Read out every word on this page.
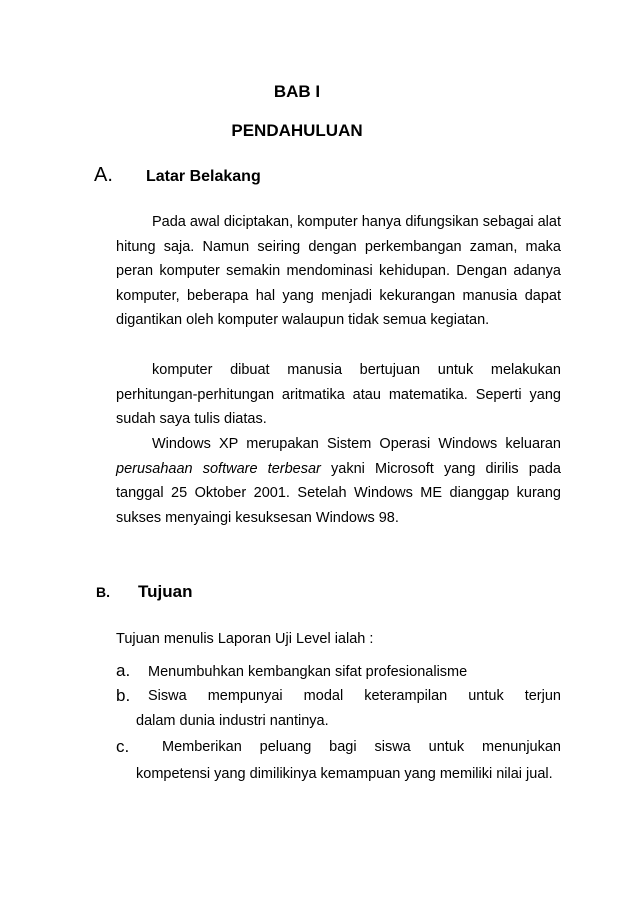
BAB I
PENDAHULUAN
A.	Latar Belakang
Pada awal diciptakan, komputer hanya difungsikan sebagai alat hitung saja. Namun seiring dengan perkembangan zaman, maka peran komputer semakin mendominasi kehidupan. Dengan adanya komputer, beberapa hal yang menjadi kekurangan manusia dapat digantikan oleh komputer walaupun tidak semua kegiatan.
komputer dibuat manusia bertujuan untuk melakukan perhitungan-perhitungan aritmatika atau matematika. Seperti yang sudah saya tulis diatas.
Windows XP merupakan Sistem Operasi Windows keluaran perusahaan software terbesar yakni Microsoft yang dirilis pada tanggal 25 Oktober 2001. Setelah Windows ME dianggap kurang sukses menyaingi kesuksesan Windows 98.
B.	Tujuan
Tujuan menulis Laporan Uji Level ialah :
a. Menumbuhkan kembangkan sifat profesionalisme
b.	Siswa mempunyai modal keterampilan untuk terjun
dalam dunia industri nantinya.
c.	Memberikan peluang bagi siswa untuk menunjukan
kompetensi yang dimilikinya kemampuan yang memiliki nilai jual.
